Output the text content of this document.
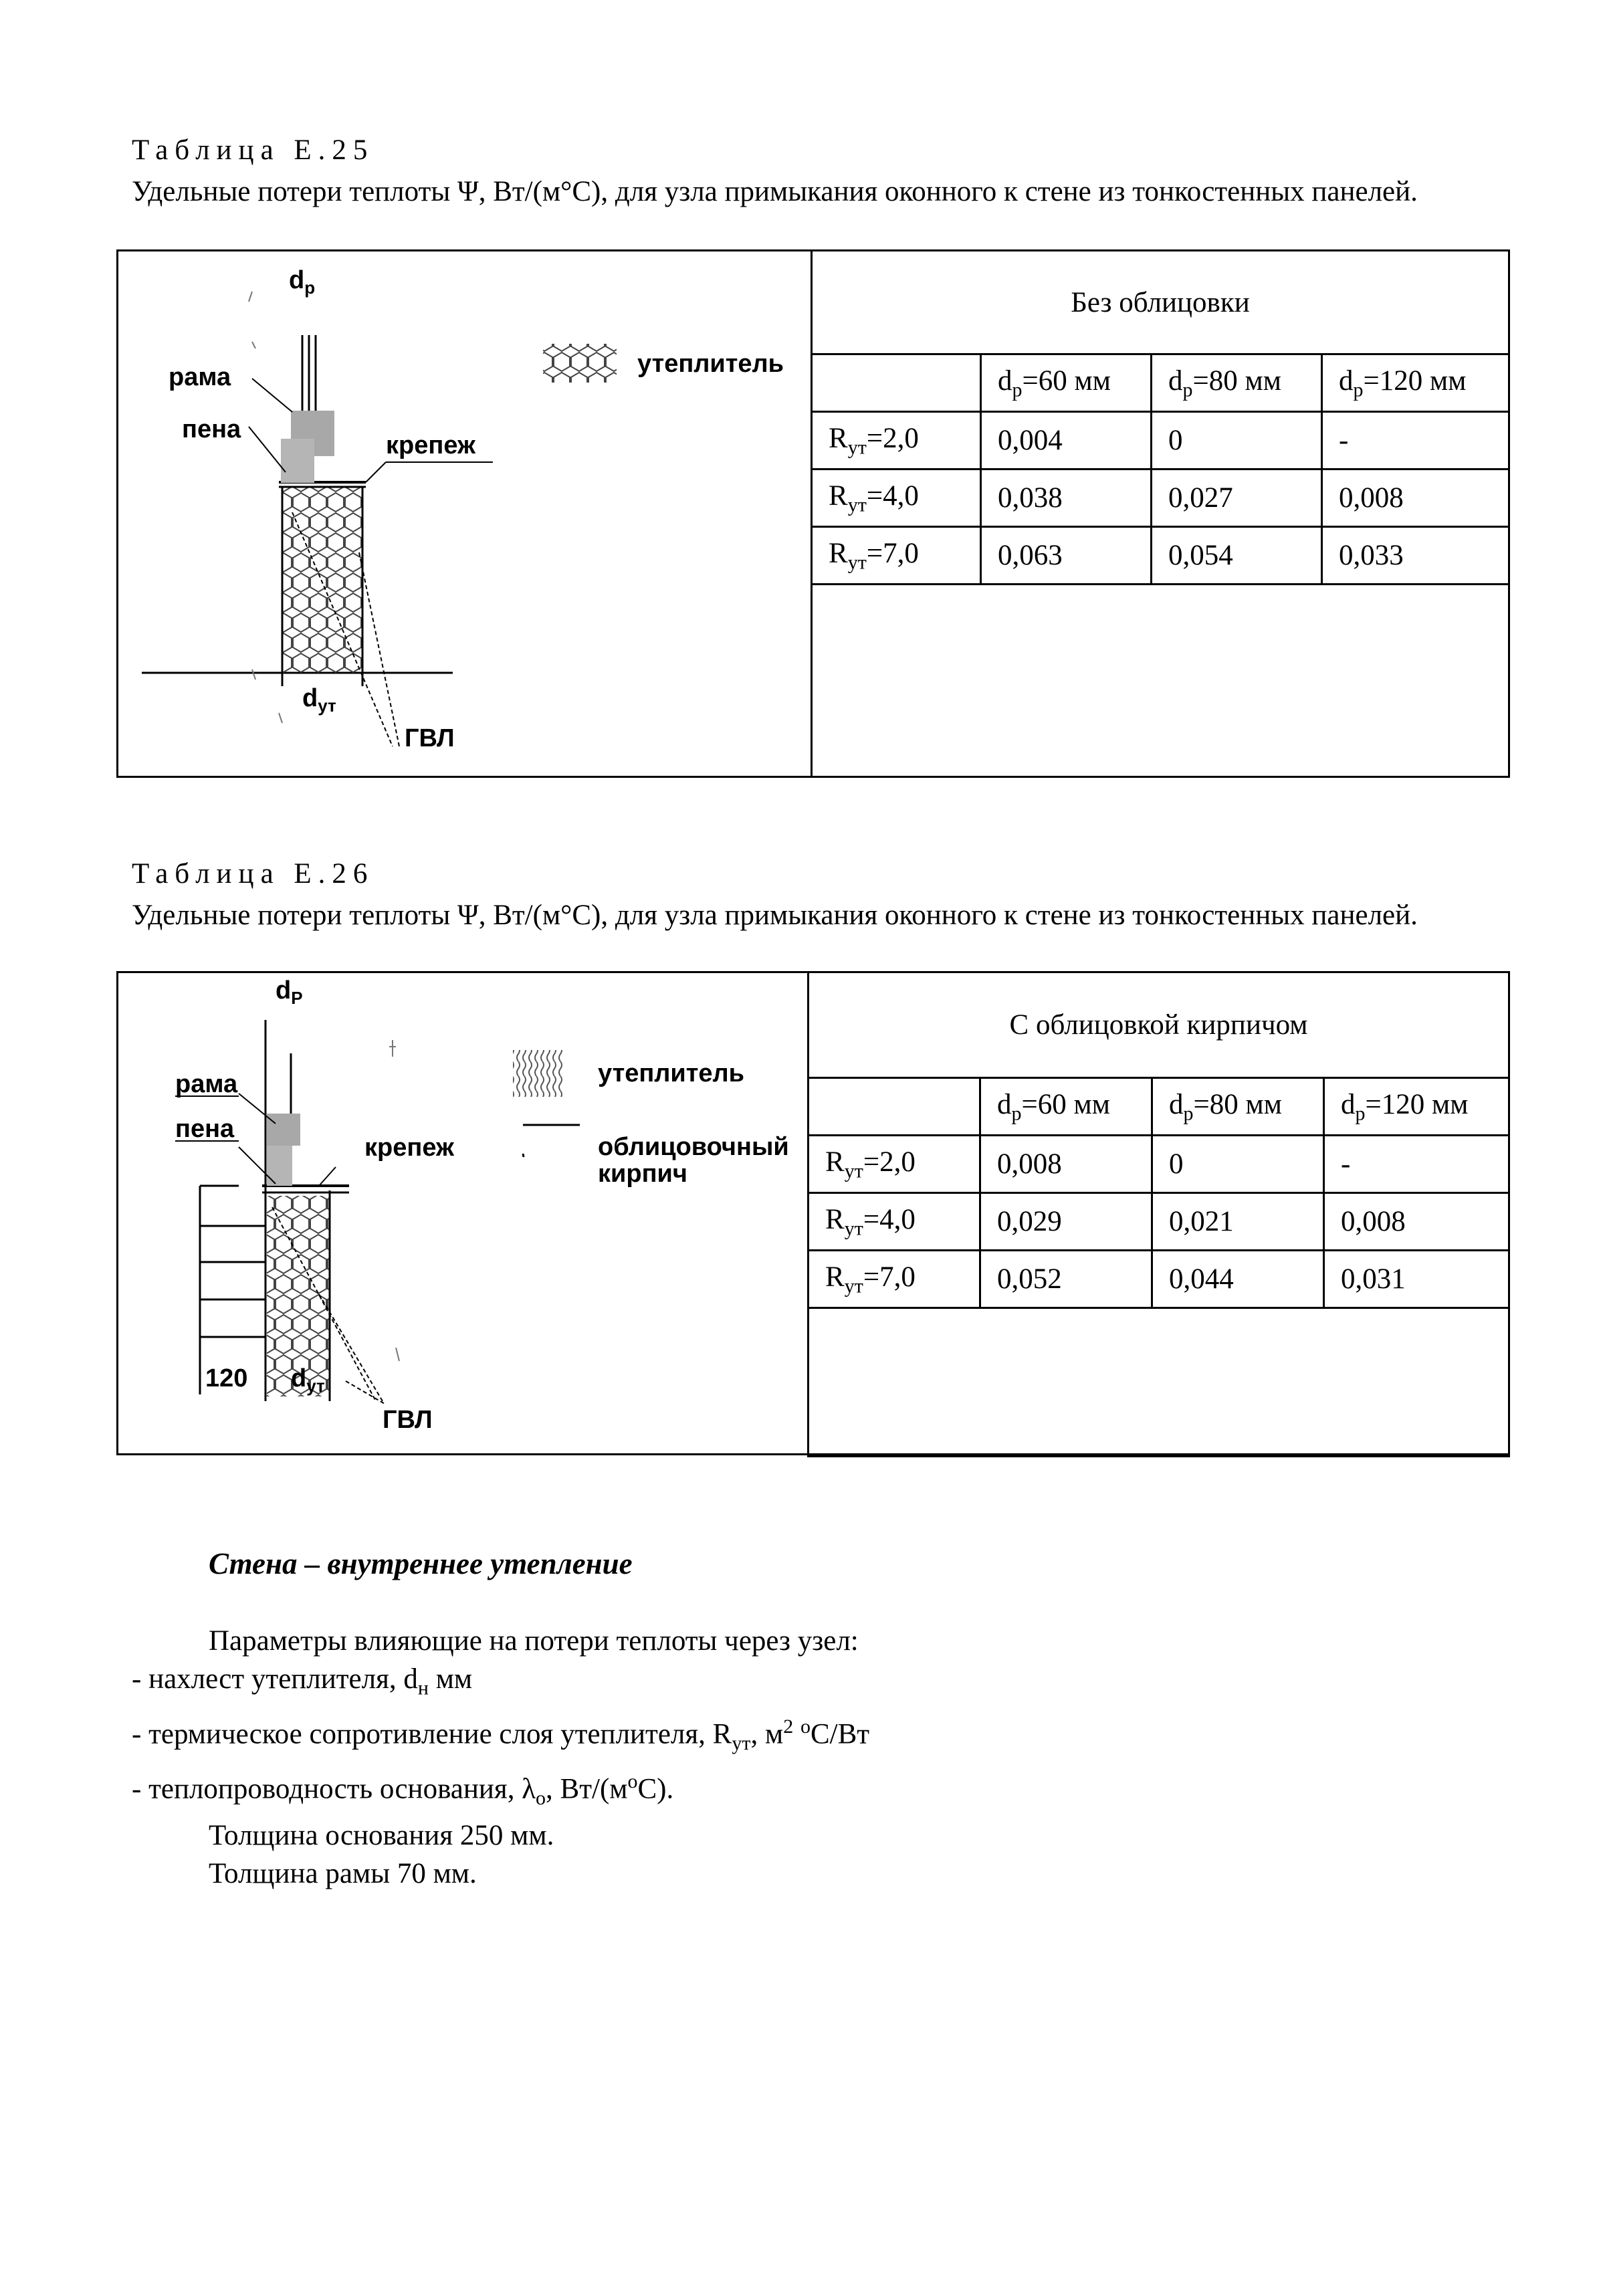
Таблица Е.25
Удельные потери теплоты Ψ, Вт/(м°С), для узла примыкания оконного к стене из тонкостенных панелей.
$d_р$
рама
пена
крепеж
утеплитель
$d_{ут}$
ГВЛ
Без облицовки			
	$d_р=60$ мм	$d_р=80$ мм	$d_р=120$ мм
$R_{ут}=2,0$	0,004	0	-
$R_{ут}=4,0$	0,038	0,027	0,008
$R_{ут}=7,0$	0,063	0,054	0,033

Таблица Е.26
Удельные потери теплоты Ψ, Вт/(м°С), для узла примыкания оконного к стене из тонкостенных панелей.
$d_Р$
рама
пена
крепеж
утеплитель
облицовочный
кирпич
120 $d_{ут}$
ГВЛ
С облицовкой кирпичом			
	$d_р=60$ мм	$d_р=80$ мм	$d_р=120$ мм
$R_{ут}=2,0$	0,008	0	-
$R_{ут}=4,0$	0,029	0,021	0,008
$R_{ут}=7,0$	0,052	0,044	0,031

Стена – внутреннее утепление
Параметры влияющие на потери теплоты через узел:
- нахлест утеплителя, $d_н$ мм
- термическое сопротивление слоя утеплителя, $R_{ут}$, $м^2$ $^о$С/Вт
- теплопроводность основания, $\lambda_о$, $Вт/(м^оС)$.
Толщина основания 250 мм.
Толщина рамы 70 мм.
